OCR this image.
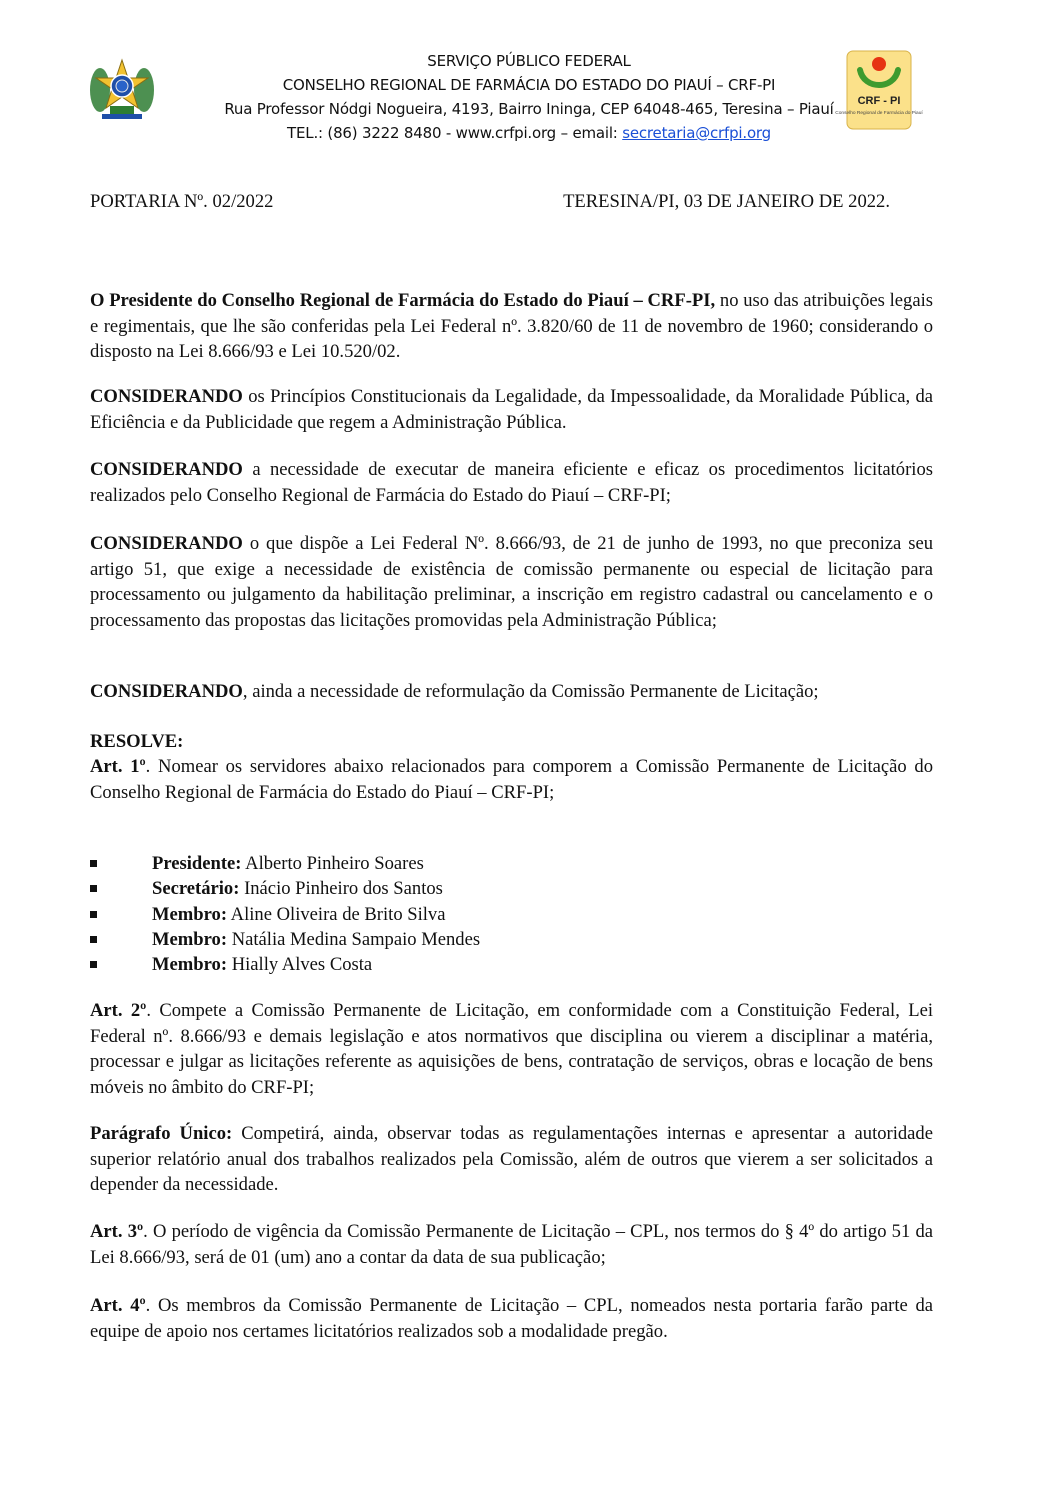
CRF - PI
Conselho Regional de Farmácia do Piauí
SERVIÇO PÚBLICO FEDERAL
CONSELHO REGIONAL DE FARMÁCIA DO ESTADO DO PIAUÍ – CRF-PI
Rua Professor Nódgi Nogueira, 4193, Bairro Ininga, CEP 64048-465, Teresina – Piauí
TEL.: (86) 3222 8480 - www.crfpi.org – email: secretaria@crfpi.org
PORTARIA Nº. 02/2022	TERESINA/PI, 03 DE JANEIRO DE 2022.
O Presidente do Conselho Regional de Farmácia do Estado do Piauí – CRF-PI, no uso das atribuições legais e regimentais, que lhe são conferidas pela Lei Federal nº. 3.820/60 de 11 de novembro de 1960; considerando o disposto na Lei 8.666/93 e Lei 10.520/02.
CONSIDERANDO os Princípios Constitucionais da Legalidade, da Impessoalidade, da Moralidade Pública, da Eficiência e da Publicidade que regem a Administração Pública.
CONSIDERANDO a necessidade de executar de maneira eficiente e eficaz os procedimentos licitatórios realizados pelo Conselho Regional de Farmácia do Estado do Piauí – CRF-PI;
CONSIDERANDO o que dispõe a Lei Federal Nº. 8.666/93, de 21 de junho de 1993, no que preconiza seu artigo 51, que exige a necessidade de existência de comissão permanente ou especial de licitação para processamento ou julgamento da habilitação preliminar, a inscrição em registro cadastral ou cancelamento e o processamento das propostas das licitações promovidas pela Administração Pública;
CONSIDERANDO, ainda a necessidade de reformulação da Comissão Permanente de Licitação;
RESOLVE:
Art. 1º. Nomear os servidores abaixo relacionados para comporem a Comissão Permanente de Licitação do Conselho Regional de Farmácia do Estado do Piauí – CRF-PI;
Presidente: Alberto Pinheiro Soares
Secretário: Inácio Pinheiro dos Santos
Membro: Aline Oliveira de Brito Silva
Membro: Natália Medina Sampaio Mendes
Membro: Hially Alves Costa
Art. 2º. Compete a Comissão Permanente de Licitação, em conformidade com a Constituição Federal, Lei Federal nº. 8.666/93 e demais legislação e atos normativos que disciplina ou vierem a disciplinar a matéria, processar e julgar as licitações referente as aquisições de bens, contratação de serviços, obras e locação de bens móveis no âmbito do CRF-PI;
Parágrafo Único: Competirá, ainda, observar todas as regulamentações internas e apresentar a autoridade superior relatório anual dos trabalhos realizados pela Comissão, além de outros que vierem a ser solicitados a depender da necessidade.
Art. 3º. O período de vigência da Comissão Permanente de Licitação – CPL, nos termos do § 4º do artigo 51 da Lei 8.666/93, será de 01 (um) ano a contar da data de sua publicação;
Art. 4º. Os membros da Comissão Permanente de Licitação – CPL, nomeados nesta portaria farão parte da equipe de apoio nos certames licitatórios realizados sob a modalidade pregão.
